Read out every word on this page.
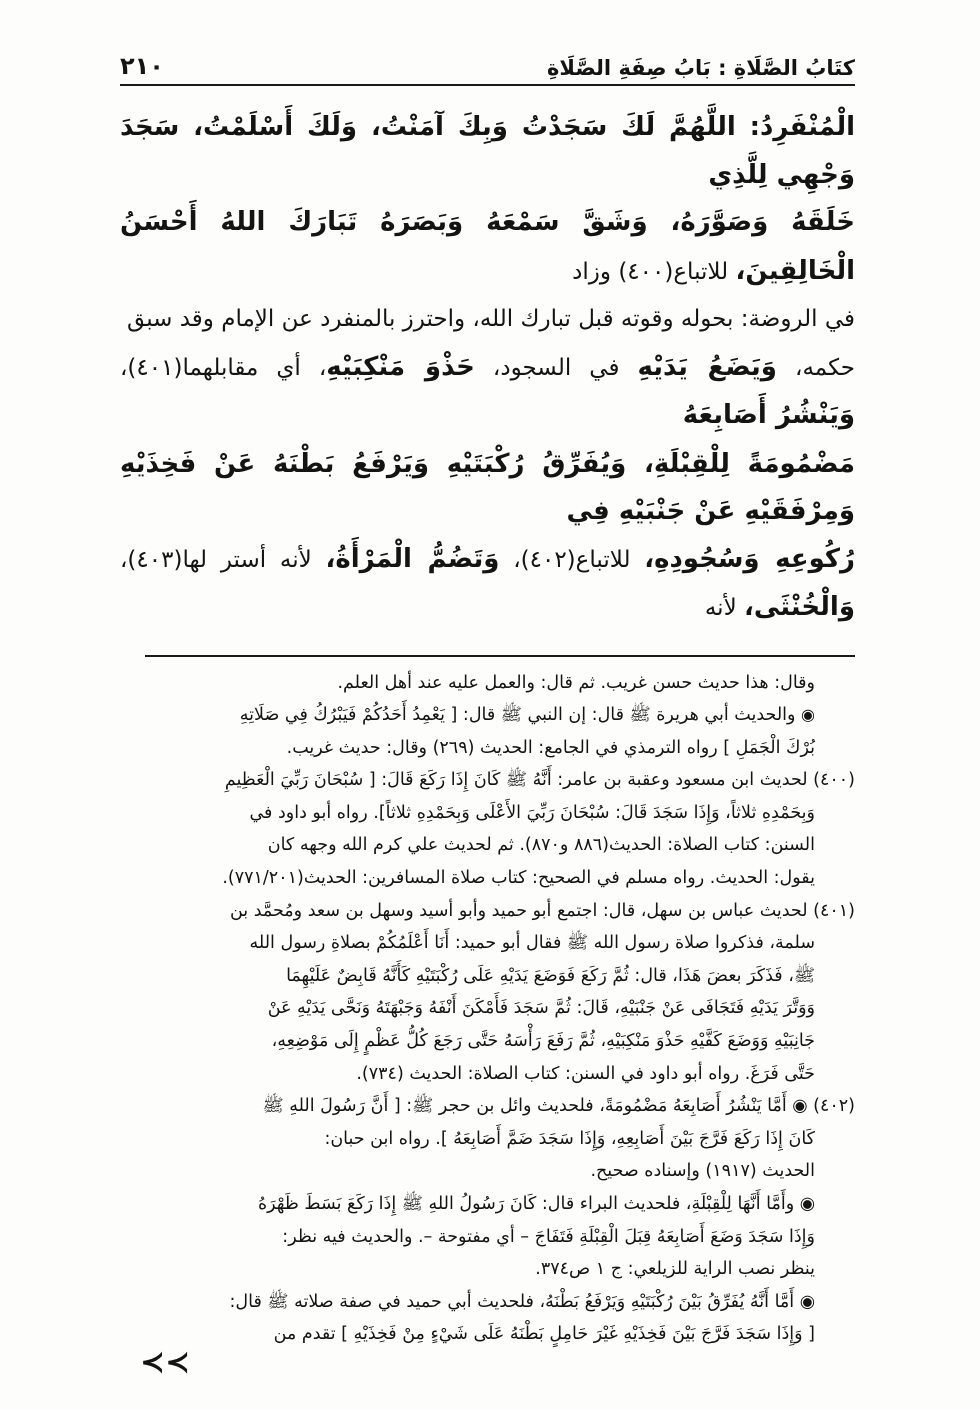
كتَابُ الصَّلَاةِ : بَابُ صِفَةِ الصَّلَاةِ
٢١٠

الْمُنْفَرِدُ: اللَّهُمَّ لَكَ سَجَدْتُ وَبِكَ آمَنْتُ، وَلَكَ أَسْلَمْتُ، سَجَدَ وَجْهِي لِلَّذِي

خَلَقَهُ وَصَوَّرَهُ، وَشَقَّ سَمْعَهُ وَبَصَرَهُ تَبَارَكَ اللهُ أَحْسَنُ الْخَالِقِينَ، للاتباع(٤٠٠) وزاد

في الروضة: بحوله وقوته قبل تبارك الله، واحترز بالمنفرد عن الإمام وقد سبق

حكمه، وَيَضَعُ يَدَيْهِ في السجود، حَذْوَ مَنْكِبَيْهِ، أي مقابلهما(٤٠١)، وَيَنْشُرُ أَصَابِعَهُ

مَضْمُومَةً لِلْقِبْلَةِ، وَيُفَرِّقُ رُكْبَتَيْهِ وَيَرْفَعُ بَطْنَهُ عَنْ فَخِذَيْهِ وَمِرْفَقَيْهِ عَنْ جَنْبَيْهِ فِي

رُكُوعِهِ وَسُجُودِهِ، للاتباع(٤٠٢)، وَتَضُمُّ الْمَرْأَةُ، لأنه أستر لها(٤٠٣)، وَالْخُنْثَى، لأنه

وقال: هذا حديث حسن غريب. ثم قال: والعمل عليه عند أهل العلم.

◉ والحديث أبي هريرة ﷺ قال: إن النبي ﷺ قال: [ يَعْمِدُ أَحَدُكُمْ فَيَبْرُكُ فِي صَلَاتِهِ

بُرْكَ الْجَمَلِ ] رواه الترمذي في الجامع: الحديث (٢٦٩) وقال: حديث غريب.

(٤٠٠) لحديث ابن مسعود وعقبة بن عامر: أَنَّهُ ﷺ كَانَ إِذَا رَكَعَ قَالَ: [ سُبْحَانَ رَبِّيَ الْعَظِيمِ

وَبِحَمْدِهِ ثلاثاً، وَإِذَا سَجَدَ قَالَ: سُبْحَانَ رَبِّيَ الأَعْلَى وَبِحَمْدِهِ ثلاثاً]. رواه أبو داود في

السنن: كتاب الصلاة: الحديث(٨٨٦ و٨٧٠). ثم لحديث علي كرم الله وجهه كان

يقول: الحديث. رواه مسلم في الصحيح: كتاب صلاة المسافرين: الحديث(٧٧١/٢٠١).

(٤٠١) لحديث عباس بن سهل، قال: اجتمع أبو حميد وأبو أسيد وسهل بن سعد ومُحمَّد بن

سلمة، فذكروا صلاة رسول الله ﷺ فقال أبو حميد: أَنَا أَعْلَمُكُمْ بصلاةِ رسول الله

ﷺ، فَذَكَرَ بعضَ هَذَا، قال: ثُمَّ رَكَعَ فَوَضَعَ يَدَيْهِ عَلَى رُكْبَتَيْهِ كَأَنَّهُ قَابِضٌ عَلَيْهِمَا

وَوَتَّرَ يَدَيْهِ فَتَجَافَى عَنْ جَنْبَيْهِ، قَالَ: ثُمَّ سَجَدَ فَأَمْكَنَ أَنْفَهُ وَجَبْهَتَهُ وَنَحَّى يَدَيْهِ عَنْ

جَانِبَيْهِ وَوَضَعَ كَفَّيْهِ حَذْوَ مَنْكِبَيْهِ، ثُمَّ رَفَعَ رَأْسَهُ حَتَّى رَجَعَ كُلُّ عَظْمٍ إِلَى مَوْضِعِهِ،

حَتَّى فَرَغَ. رواه أبو داود في السنن: كتاب الصلاة: الحديث (٧٣٤).

(٤٠٢) ◉ أَمَّا يَنْشُرُ أَصَابِعَهُ مَضْمُومَةً، فلحديث وائل بن حجر ﷺ: [ أَنَّ رَسُولَ اللهِ ﷺ

كَانَ إِذَا رَكَعَ فَرَّجَ بَيْنَ أَصَابِعِهِ، وَإِذَا سَجَدَ ضَمَّ أَصَابِعَهُ ]. رواه ابن حبان:

الحديث (١٩١٧) وإسناده صحيح.

◉ وأَمَّا أَنَّهَا لِلْقِبْلَةِ، فلحديث البراء قال: كَانَ رَسُولُ اللهِ ﷺ إِذَا رَكَعَ بَسَطَ ظَهْرَهُ

وَإِذَا سَجَدَ وَضَعَ أَصَابِعَهُ قِبَلَ الْقِبْلَةِ فَتَفَاجَ – أي مفتوحة –. والحديث فيه نظر:

ينظر نصب الراية للزيلعي: ج ١ ص٣٧٤.

◉ أَمَّا أَنَّهُ يُفَرِّقُ بَيْنَ رُكْبَتَيْهِ وَيَرْفَعُ بَطْنَهُ، فلحديث أبي حميد في صفة صلاته ﷺ قال:

[ وَإِذَا سَجَدَ فَرَّجَ بَيْنَ فَخِذَيْهِ غَيْرَ حَامِلٍ بَطْنَهُ عَلَى شَيْءٍ مِنْ فَخِذَيْهِ ] تقدم من

≺≺
